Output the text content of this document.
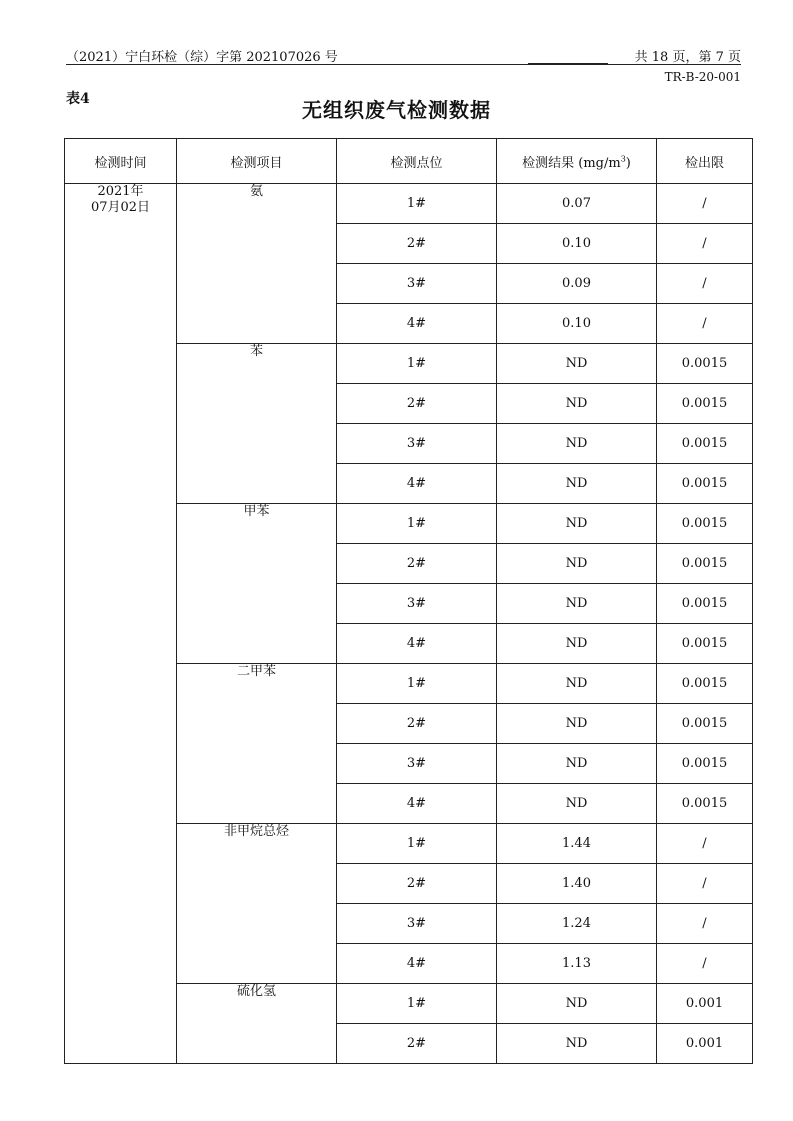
（2021）宁白环检（综）字第 202107026 号	共 18 页，第 7 页
TR-B-20-001
表4	无组织废气检测数据
检测时间	检测项目	检测点位	检测结果 $(mg/m^3)$	检出限

2021年
07月02日	氨	1#	0.07	/
		2#	0.10	/
		3#	0.09	/
		4#	0.10	/
	苯	1#	ND	0.0015
		2#	ND	0.0015
		3#	ND	0.0015
		4#	ND	0.0015
	甲苯	1#	ND	0.0015
		2#	ND	0.0015
		3#	ND	0.0015
		4#	ND	0.0015
	二甲苯	1#	ND	0.0015
		2#	ND	0.0015
		3#	ND	0.0015
		4#	ND	0.0015
	非甲烷总烃	1#	1.44	/
		2#	1.40	/
		3#	1.24	/
		4#	1.13	/
	硫化氢	1#	ND	0.001
		2#	ND	0.001
